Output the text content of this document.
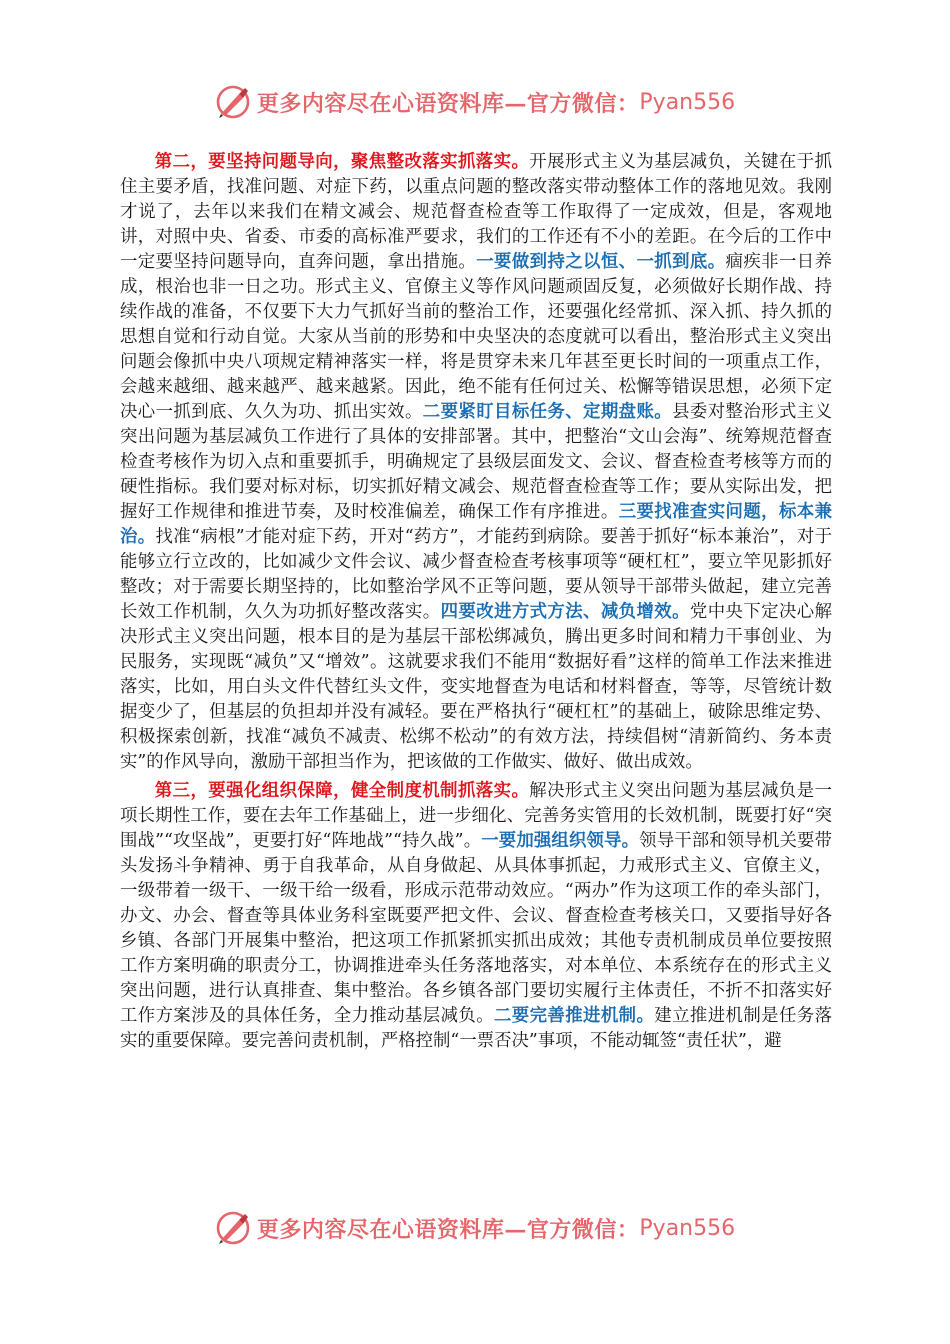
更多内容尽在心语资料库—官方微信： Pyan556

第二，要坚持问题导向，聚焦整改落实抓落实。开展形式主义为基层减负，关键在于抓住主要矛盾，找准问题、对症下药，以重点问题的整改落实带动整体工作的落地见效。我刚才说了，去年以来我们在精文减会、规范督查检查等工作取得了一定成效，但是，客观地讲，对照中央、省委、市委的高标准严要求，我们的工作还有不小的差距。在今后的工作中一定要坚持问题导向，直奔问题，拿出措施。一要做到持之以恒、一抓到底。痼疾非一日养成，根治也非一日之功。形式主义、官僚主义等作风问题顽固反复，必须做好长期作战、持续作战的准备，不仅要下大力气抓好当前的整治工作，还要强化经常抓、深入抓、持久抓的思想自觉和行动自觉。大家从当前的形势和中央坚决的态度就可以看出，整治形式主义突出问题会像抓中央八项规定精神落实一样，将是贯穿未来几年甚至更长时间的一项重点工作，会越来越细、越来越严、越来越紧。因此，绝不能有任何过关、松懈等错误思想，必须下定决心一抓到底、久久为功、抓出实效。二要紧盯目标任务、定期盘账。县委对整治形式主义突出问题为基层减负工作进行了具体的安排部署。其中，把整治“文山会海”、统筹规范督查检查考核作为切入点和重要抓手，明确规定了县级层面发文、会议、督查检查考核等方而的硬性指标。我们要对标对标，切实抓好精文减会、规范督查检查等工作；要从实际出发，把握好工作规律和推进节奏，及时校准偏差，确保工作有序推进。三要找准查实问题，标本兼治。找准“病根”才能对症下药，开对“药方”，才能药到病除。要善于抓好“标本兼治”，对于能够立行立改的，比如减少文件会议、减少督查检查考核事项等“硬杠杠”，要立竿见影抓好整改；对于需要长期坚持的，比如整治学风不正等问题，要从领导干部带头做起，建立完善长效工作机制，久久为功抓好整改落实。四要改进方式方法、减负增效。党中央下定决心解决形式主义突出问题，根本目的是为基层干部松绑减负，腾出更多时间和精力干事创业、为民服务，实现既“减负”又“增效”。这就要求我们不能用“数据好看”这样的简单工作法来推进落实，比如，用白头文件代替红头文件，变实地督查为电话和材料督查，等等，尽管统计数据变少了，但基层的负担却并没有减轻。要在严格执行“硬杠杠”的基础上，破除思维定势、积极探索创新，找准“减负不减责、松绑不松动”的有效方法，持续倡树“清新简约、务本责实”的作风导向，激励干部担当作为，把该做的工作做实、做好、做出成效。

第三，要强化组织保障，健全制度机制抓落实。解决形式主义突出问题为基层减负是一项长期性工作，要在去年工作基础上，进一步细化、完善务实管用的长效机制，既要打好“突围战”“攻坚战”，更要打好“阵地战”“持久战”。一要加强组织领导。领导干部和领导机关要带头发扬斗争精神、勇于自我革命，从自身做起、从具体事抓起，力戒形式主义、官僚主义，一级带着一级干、一级干给一级看，形成示范带动效应。“两办”作为这项工作的牵头部门，办文、办会、督查等具体业务科室既要严把文件、会议、督查检查考核关口，又要指导好各乡镇、各部门开展集中整治，把这项工作抓紧抓实抓出成效；其他专责机制成员单位要按照工作方案明确的职责分工，协调推进牵头任务落地落实，对本单位、本系统存在的形式主义突出问题，进行认真排查、集中整治。各乡镇各部门要切实履行主体责任，不折不扣落实好工作方案涉及的具体任务，全力推动基层减负。二要完善推进机制。建立推进机制是任务落实的重要保障。要完善问责机制，严格控制“一票否决”事项，不能动辄签“责任状”，避

更多内容尽在心语资料库—官方微信： Pyan556
